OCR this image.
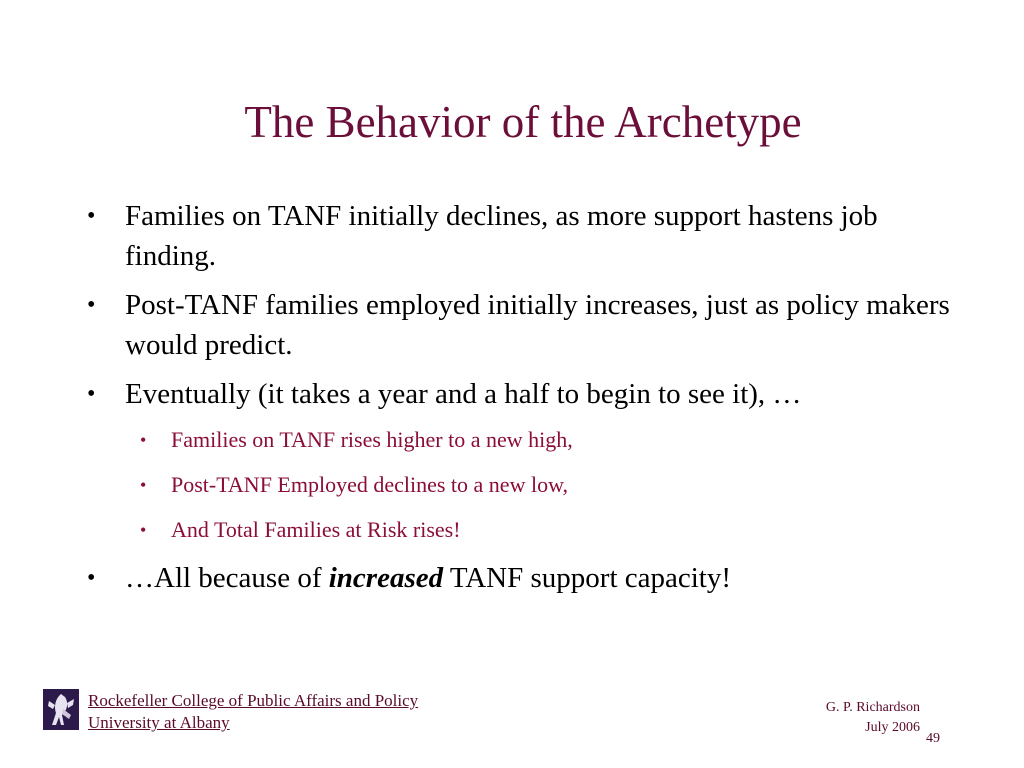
The Behavior of the Archetype
• Families on TANF initially declines, as more support hastens job finding.
• Post-TANF families employed initially increases, just as policy makers would predict.
• Eventually (it takes a year and a half to begin to see it), …
• Families on TANF rises higher to a new high,
• Post-TANF Employed declines to a new low,
• And Total Families at Risk rises!
• …All because of increased TANF support capacity!
Rockefeller College of Public Affairs and Policy
University at Albany
G. P. Richardson
July 2006
49
